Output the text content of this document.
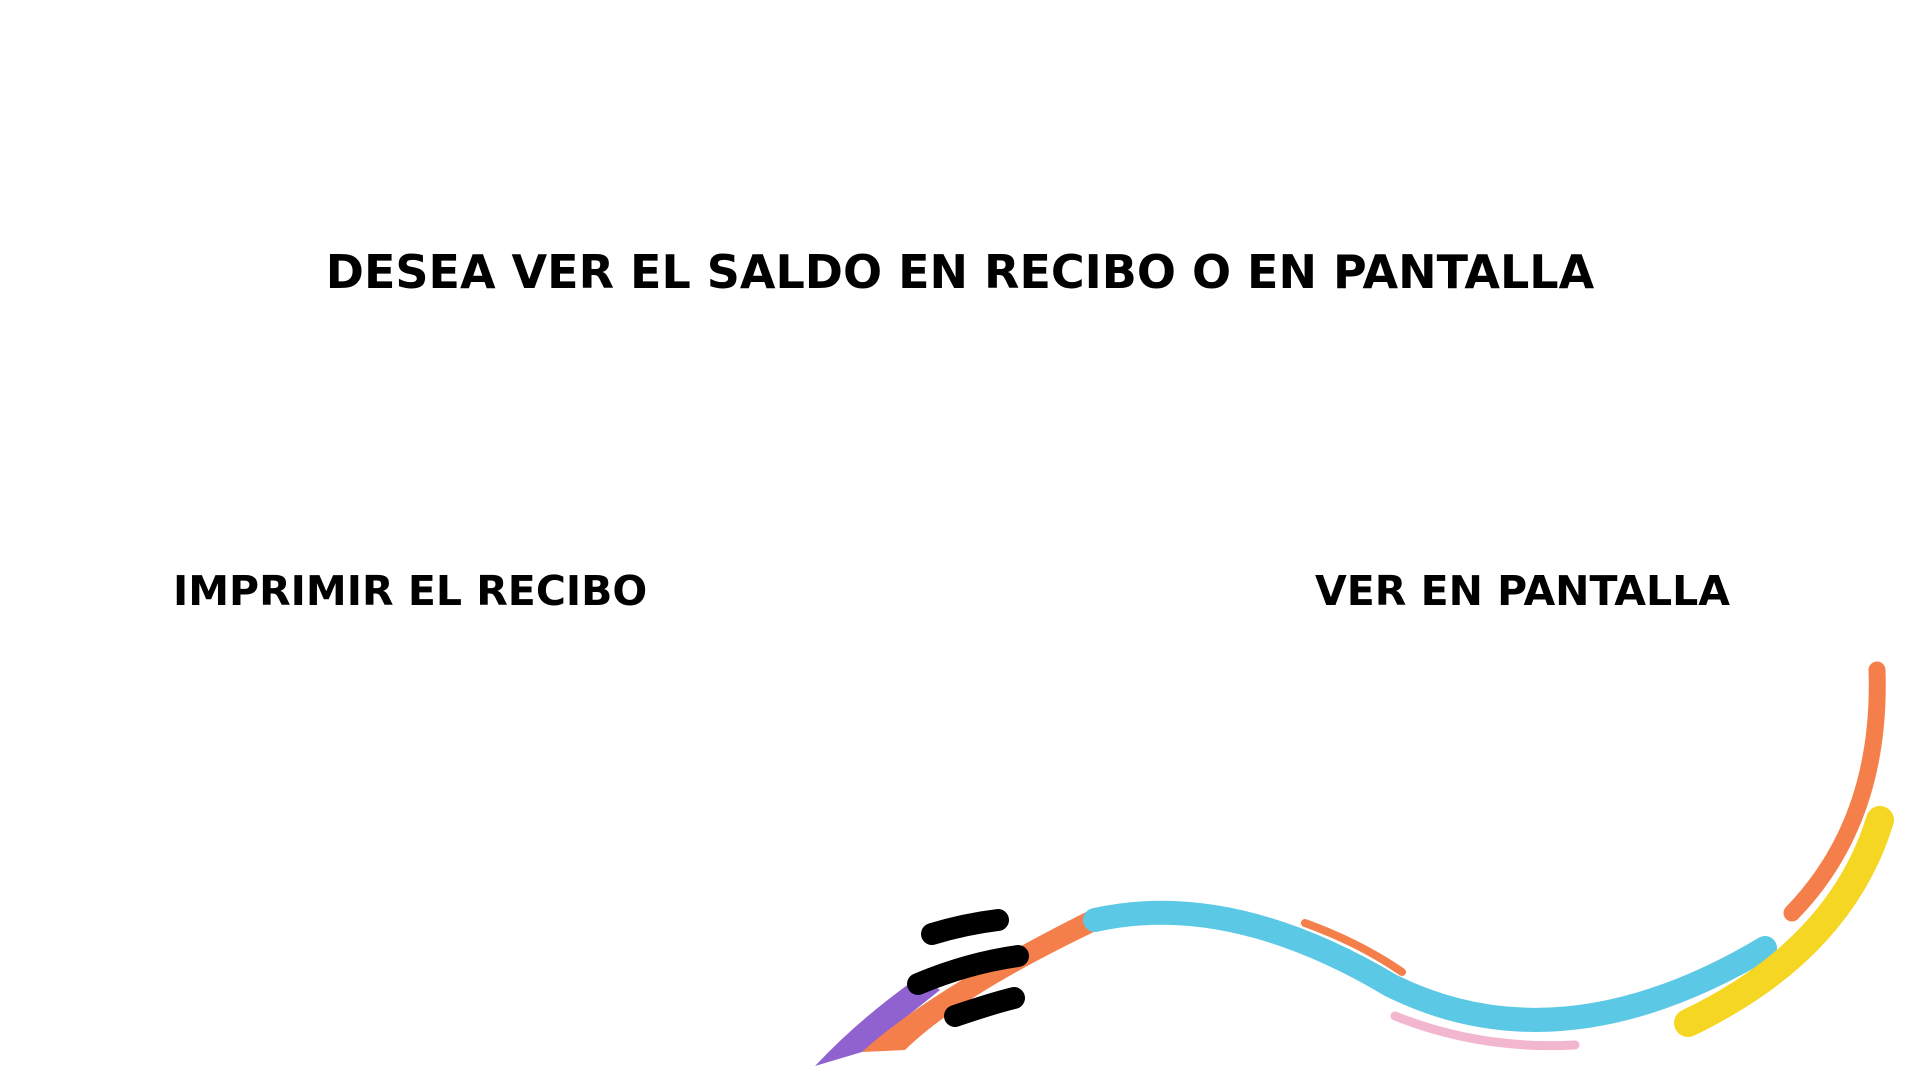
DESEA VER EL SALDO EN RECIBO O EN PANTALLA
IMPRIMIR EL RECIBO	VER EN PANTALLA
